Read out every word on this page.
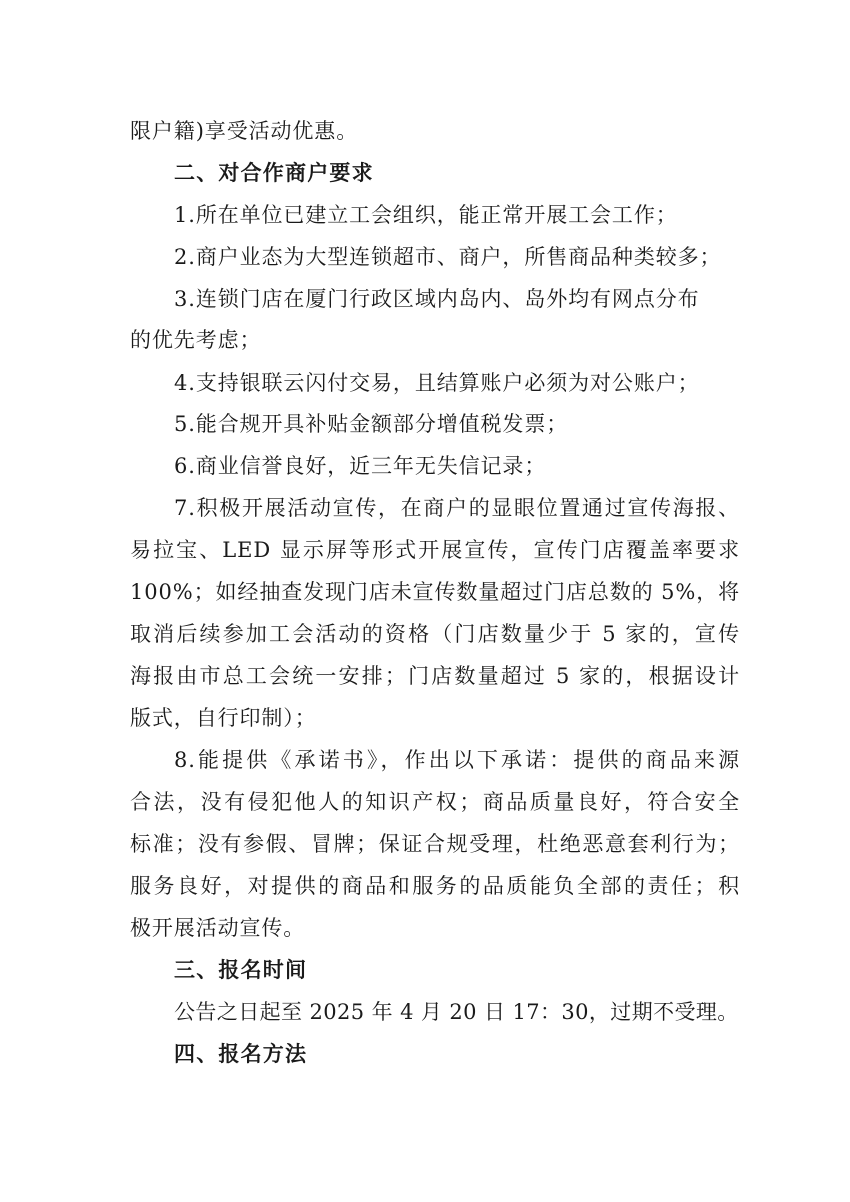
限户籍)享受活动优惠。
二、对合作商户要求
1.所在单位已建立工会组织，能正常开展工会工作；
2.商户业态为大型连锁超市、商户，所售商品种类较多；
3.连锁门店在厦门行政区域内岛内、岛外均有网点分布
的优先考虑；
4.支持银联云闪付交易，且结算账户必须为对公账户；
5.能合规开具补贴金额部分增值税发票；
6.商业信誉良好，近三年无失信记录；
7.积极开展活动宣传，在商户的显眼位置通过宣传海报、
易拉宝、LED 显示屏等形式开展宣传，宣传门店覆盖率要求
100%；如经抽查发现门店未宣传数量超过门店总数的 5%，将
取消后续参加工会活动的资格（门店数量少于 5 家的，宣传
海报由市总工会统一安排；门店数量超过 5 家的，根据设计
版式，自行印制）；
8.能提供《承诺书》，作出以下承诺：提供的商品来源
合法，没有侵犯他人的知识产权；商品质量良好，符合安全
标准；没有参假、冒牌；保证合规受理，杜绝恶意套利行为；
服务良好，对提供的商品和服务的品质能负全部的责任；积
极开展活动宣传。
三、报名时间
公告之日起至 2025 年 4 月 20 日 17：30，过期不受理。
四、报名方法
